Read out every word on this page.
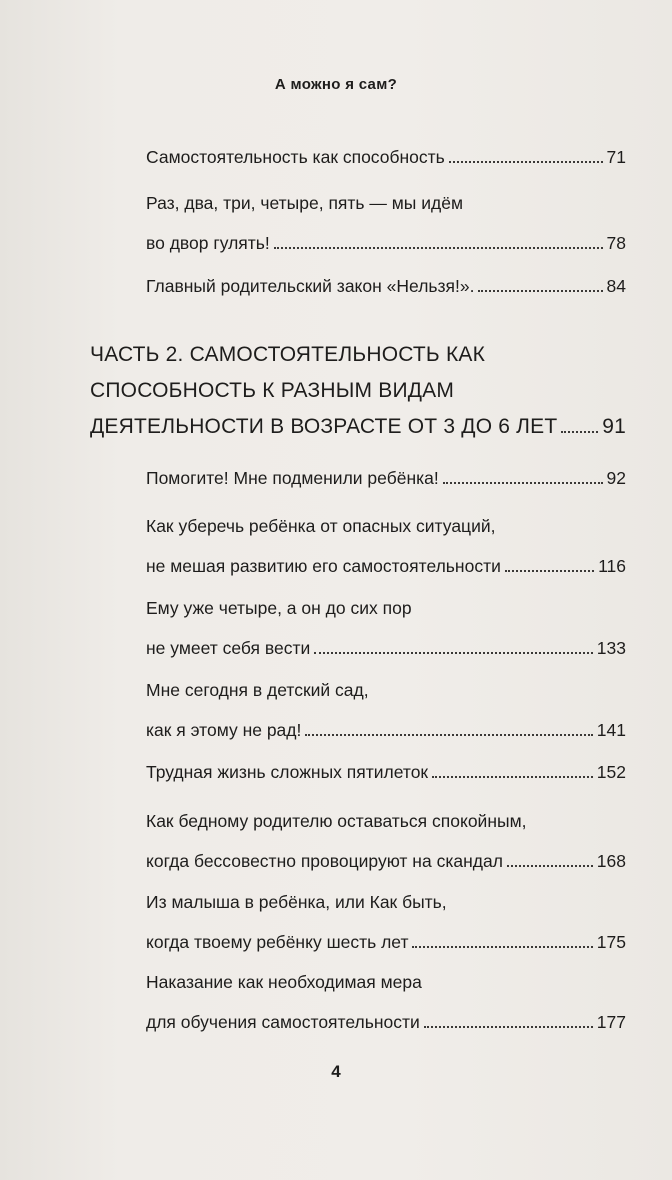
А можно я сам?
Самостоятельность как способность	71
Раз, два, три, четыре, пять — мы идём
во двор гулять!	78
Главный родительский закон «Нельзя!».	84
ЧАСТЬ 2. САМОСТОЯТЕЛЬНОСТЬ КАК
СПОСОБНОСТЬ К РАЗНЫМ ВИДАМ
ДЕЯТЕЛЬНОСТИ В ВОЗРАСТЕ ОТ 3 ДО 6 ЛЕТ 91
Помогите! Мне подменили ребёнка!	92
Как уберечь ребёнка от опасных ситуаций,
не мешая развитию его самостоятельности	116
Ему уже четыре, а он до сих пор
не умеет себя вести	133
Мне сегодня в детский сад,
как я этому не рад!	141
Трудная жизнь сложных пятилеток	152
Как бедному родителю оставаться спокойным,
когда бессовестно провоцируют на скандал	168
Из малыша в ребёнка, или Как быть,
когда твоему ребёнку шесть лет	175
Наказание как необходимая мера
для обучения самостоятельности	177
4
